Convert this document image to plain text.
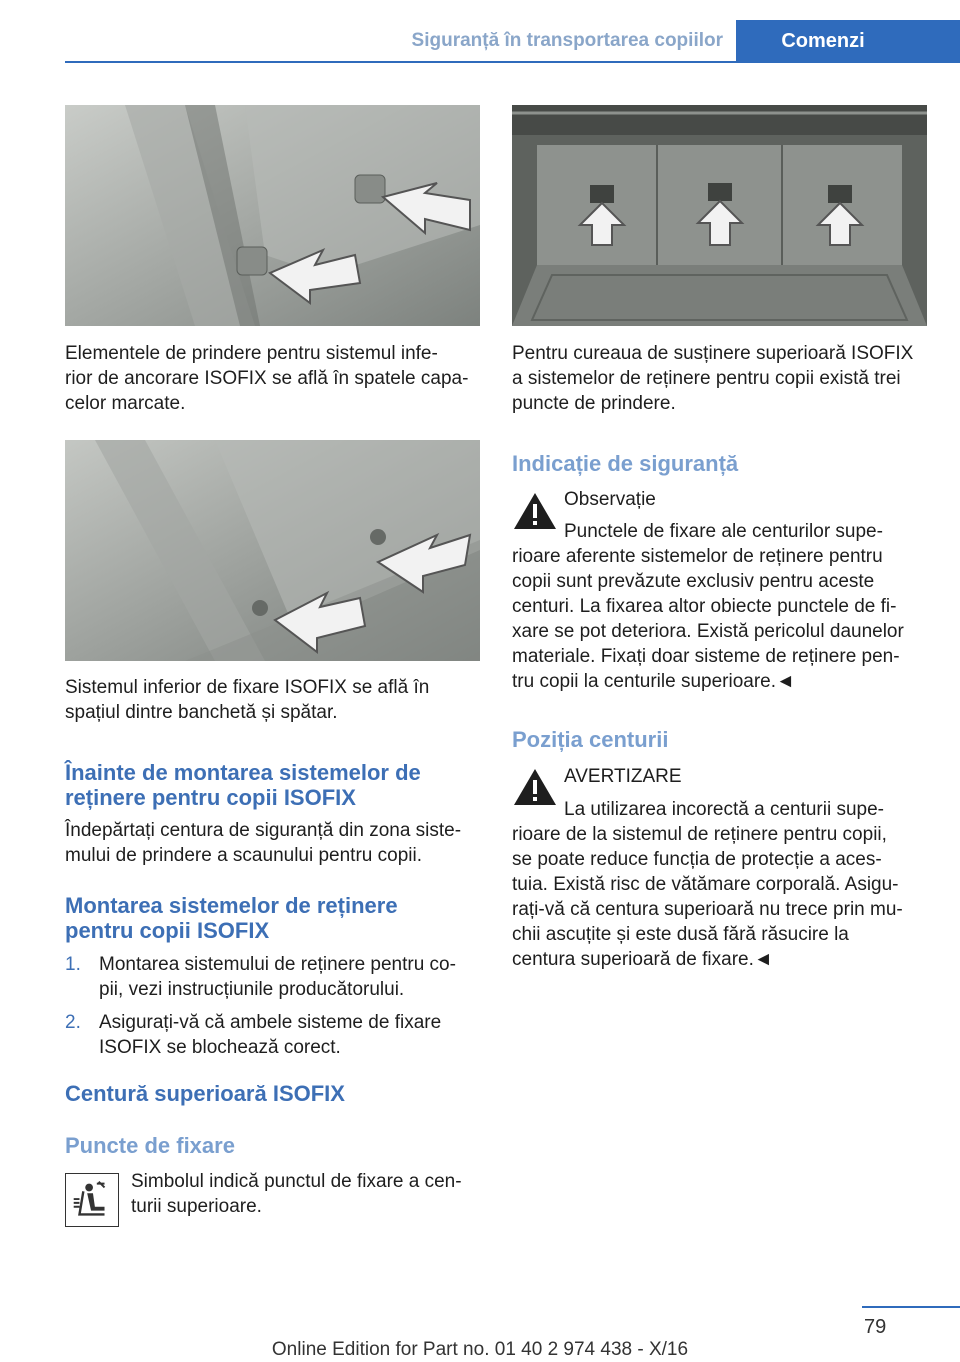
Siguranță în transportarea copiilor	Comenzi
Elementele de prindere pentru sistemul infe-
rior de ancorare ISOFIX se află în spatele capa-
celor marcate.
Sistemul inferior de fixare ISOFIX se află în
spațiul dintre banchetă și spătar.
Înainte de montarea sistemelor de
reținere pentru copii ISOFIX
Îndepărtați centura de siguranță din zona siste-
mului de prindere a scaunului pentru copii.
Montarea sistemelor de reținere
pentru copii ISOFIX
1. Montarea sistemului de reținere pentru co-
pii, vezi instrucțiunile producătorului.
2. Asigurați-vă că ambele sisteme de fixare
ISOFIX se blochează corect.
Centură superioară ISOFIX
Puncte de fixare
Simbolul indică punctul de fixare a cen-
turii superioare.
Pentru cureaua de susținere superioară ISOFIX
a sistemelor de reținere pentru copii există trei
puncte de prindere.
Indicație de siguranță
Observație
Punctele de fixare ale centurilor supe-
rioare aferente sistemelor de reținere pentru
copii sunt prevăzute exclusiv pentru aceste
centuri. La fixarea altor obiecte punctele de fi-
xare se pot deteriora. Există pericolul daunelor
materiale. Fixați doar sisteme de reținere pen-
tru copii la centurile superioare.◄
Poziția centurii
AVERTIZARE
La utilizarea incorectă a centurii supe-
rioare de la sistemul de reținere pentru copii,
se poate reduce funcția de protecție a aces-
tuia. Există risc de vătămare corporală. Asigu-
rați-vă că centura superioară nu trece prin mu-
chii ascuțite și este dusă fără răsucire la
centura superioară de fixare.◄
79
Online Edition for Part no. 01 40 2 974 438 - X/16
